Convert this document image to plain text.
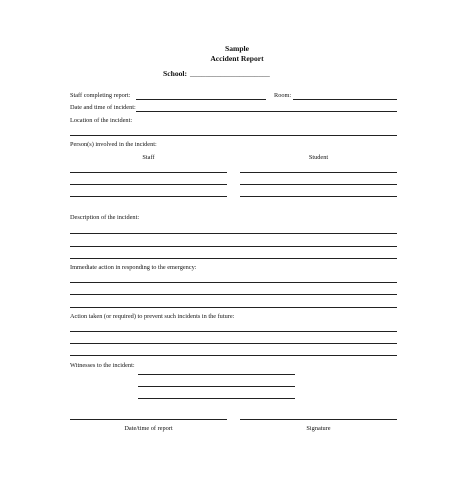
Sample
Accident Report
School: _____________________
Staff completing report:	Room:
Date and time of incident:
Location of the incident:
Person(s) involved in the incident:
Staff	Student
Description of the incident:
Immediate action in responding to the emergency:
Action taken (or required) to prevent such incidents in the future:
Witnesses to the incident:
Date/time of report	Signature
